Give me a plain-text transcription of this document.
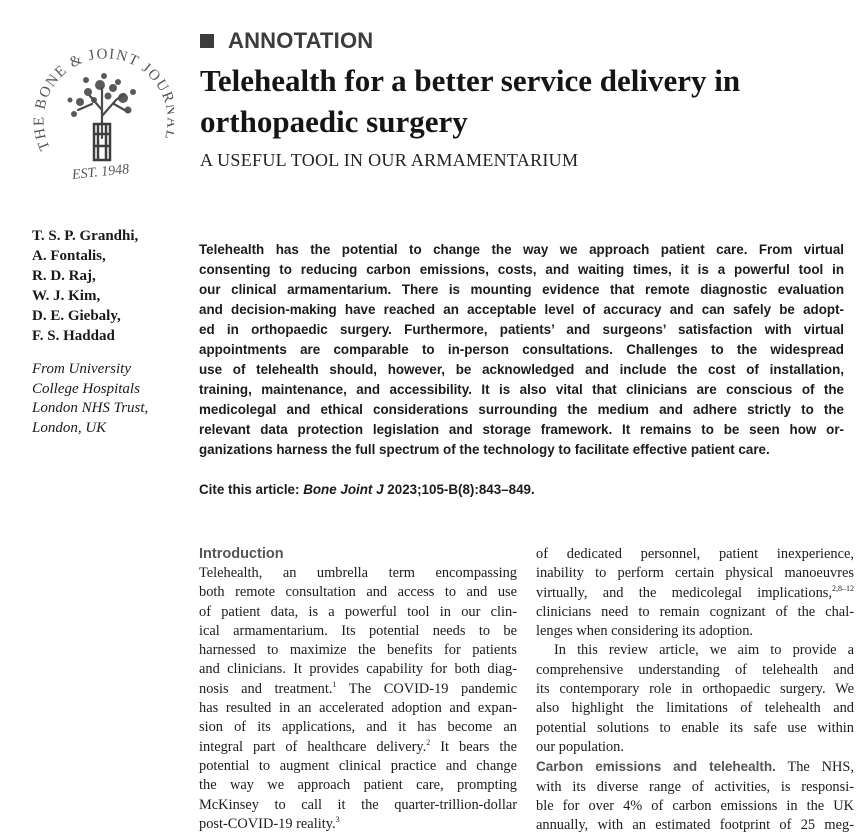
THE BONE & JOINT JOU
EST. 1948
ANNOTATION
Telehealth for a better service delivery in
orthopaedic surgery
A USEFUL TOOL IN OUR ARMAMENTARIUM
T. S. P. Grandhi,
A. Fontalis,
R. D. Raj,
W. J. Kim,
D. E. Giebaly,
F. S. Haddad
From University
College Hospitals
London NHS Trust,
London, UK
Telehealth has the potential to change the way we approach patient care. From virtual
consenting to reducing carbon emissions, costs, and waiting times, it is a powerful tool in
our clinical armamentarium. There is mounting evidence that remote diagnostic evaluation
and decision-making have reached an acceptable level of accuracy and can safely be adopt-
ed in orthopaedic surgery. Furthermore, patients’ and surgeons’ satisfaction with virtual
appointments are comparable to in-person consultations. Challenges to the widespread
use of telehealth should, however, be acknowledged and include the cost of installation,
training, maintenance, and accessibility. It is also vital that clinicians are conscious of the
medicolegal and ethical considerations surrounding the medium and adhere strictly to the
relevant data protection legislation and storage framework. It remains to be seen how or-
ganizations harness the full spectrum of the technology to facilitate effective patient care.
Cite this article: Bone Joint J 2023;105-B(8):843–849.
Introduction
Telehealth, an umbrella term encompassing
both remote consultation and access to and use
of patient data, is a powerful tool in our clin-
ical armamentarium. Its potential needs to be
harnessed to maximize the benefits for patients
and clinicians. It provides capability for both diag-
nosis and treatment.$^1$ The COVID-19 pandemic
has resulted in an accelerated adoption and expan-
sion of its applications, and it has become an
integral part of healthcare delivery.$^2$ It bears the
potential to augment clinical practice and change
the way we approach patient care, prompting
McKinsey to call it the quarter-trillion-dollar
post-COVID-19 reality.$^3$
of dedicated personnel, patient inexperience,
inability to perform certain physical manoeuvres
virtually, and the medicolegal implications,$^{2,8-12}$
clinicians need to remain cognizant of the chal-
lenges when considering its adoption.
In this review article, we aim to provide a
comprehensive understanding of telehealth and
its contemporary role in orthopaedic surgery. We
also highlight the limitations of telehealth and
potential solutions to enable its safe use within
our population.
Carbon emissions and telehealth. The NHS,
with its diverse range of activities, is responsi-
ble for over 4% of carbon emissions in the UK
annually, with an estimated footprint of 25 meg-
